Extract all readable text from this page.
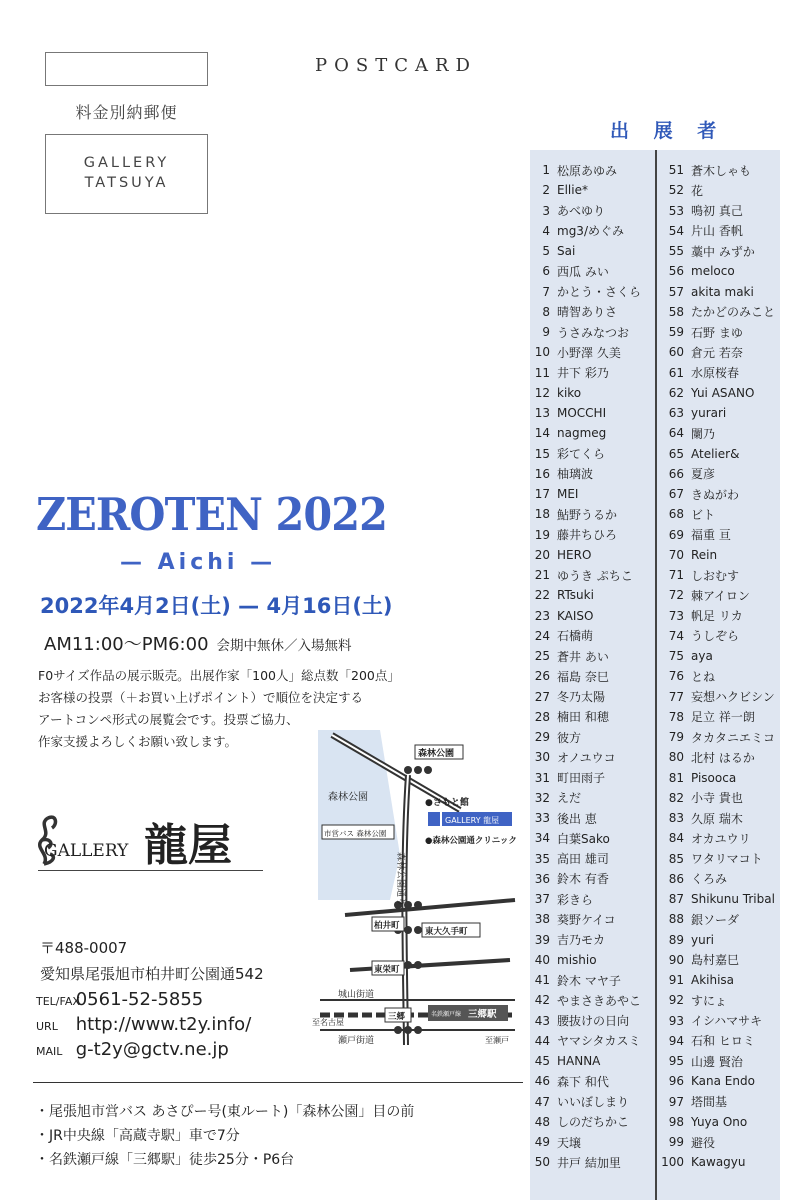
料金別納郵便
GALLERY
TATSUYA
POSTCARD
出 展 者
1 松原あゆみ
2 Ellie*
3 あべゆり
4 mg3/めぐみ
5 Sai
6 西瓜 みい
7 かとう・さくら
8 晴智ありさ
9 うさみなつお
10 小野澤 久美
11 井下 彩乃
12 kiko
13 MOCCHI
14 nagmeg
15 彩てくら
16 柚璃波
17 MEI
18 鮎野うるか
19 藤井ちひろ
20 HERO
21 ゆうき ぷちこ
22 RTsuki
23 KAISO
24 石橋萌
25 蒼井 あい
26 福島 奈巳
27 冬乃太陽
28 楠田 和穂
29 彼方
30 オノユウコ
31 町田雨子
32 えだ
33 後出 恵
34 白葉Sako
35 高田 雄司
36 鈴木 有香
37 彩きら
38 葵野ケイコ
39 吉乃モカ
40 mishio
41 鈴木 マヤ子
42 やまさきあやこ
43 腰抜けの日向
44 ヤマシタカスミ
45 HANNA
46 森下 和代
47 いいぼしまり
48 しのだちかこ
49 天壌
50 井戸 結加里
51 蒼木しゃも
52 花
53 鳴初 真己
54 片山 香帆
55 藁中 みずか
56 meloco
57 akita maki
58 たかどのみこと
59 石野 まゆ
60 倉元 若奈
61 水原桜春
62 Yui ASANO
63 yurari
64 闌乃
65 Atelier&
66 夏彦
67 きぬがわ
68 ビト
69 福重 亘
70 Rein
71 しおむす
72 棘アイロン
73 帆足 リカ
74 うしぞら
75 aya
76 とね
77 妄想ハクビシン
78 足立 祥一朗
79 タカタニエミコ
80 北村 はるか
81 Pisooca
82 小寺 貴也
83 久原 瑞木
84 オカユウリ
85 ワタリマコト
86 くろみ
87 Shikunu Tribal
88 銀ソーダ
89 yuri
90 島村嘉巳
91 Akihisa
92 すにょ
93 イシハマサキ
94 石和 ヒロミ
95 山邊 賢治
96 Kana Endo
97 塔間基
98 Yuya Ono
99 避役
100 Kawagyu
ZEROTEN 2022
— Aichi —
2022年4月2日(土) — 4月16日(土)
AM11:00〜PM6:00 会期中無休／入場無料
F0サイズ作品の展示販売。出展作家「100人」総点数「200点」
お客様の投票（＋お買い上げポイント）で順位を決定する
アートコンペ形式の展覧会です。投票ご協力、
作家支援よろしくお願い致します。
GALLERY 龍屋
森林公園
森林公園
市営バス 森林公園
森林公園通り
●さもと館
GALLERY 龍屋
●森林公園通クリニック
柏井町
東大久手町
東栄町
城山街道
三郷	名鉄瀬戸線 三郷駅
瀬戸街道
至名古屋
至瀬戸
〒488-0007
愛知県尾張旭市柏井町公園通542
TEL/FAX 0561-52-5855
URL http://www.t2y.info/
MAIL g-t2y@gctv.ne.jp
・尾張旭市営バス あさぴー号(東ルート)「森林公園」目の前
・JR中央線「高蔵寺駅」車で7分
・名鉄瀬戸線「三郷駅」徒歩25分・P6台
